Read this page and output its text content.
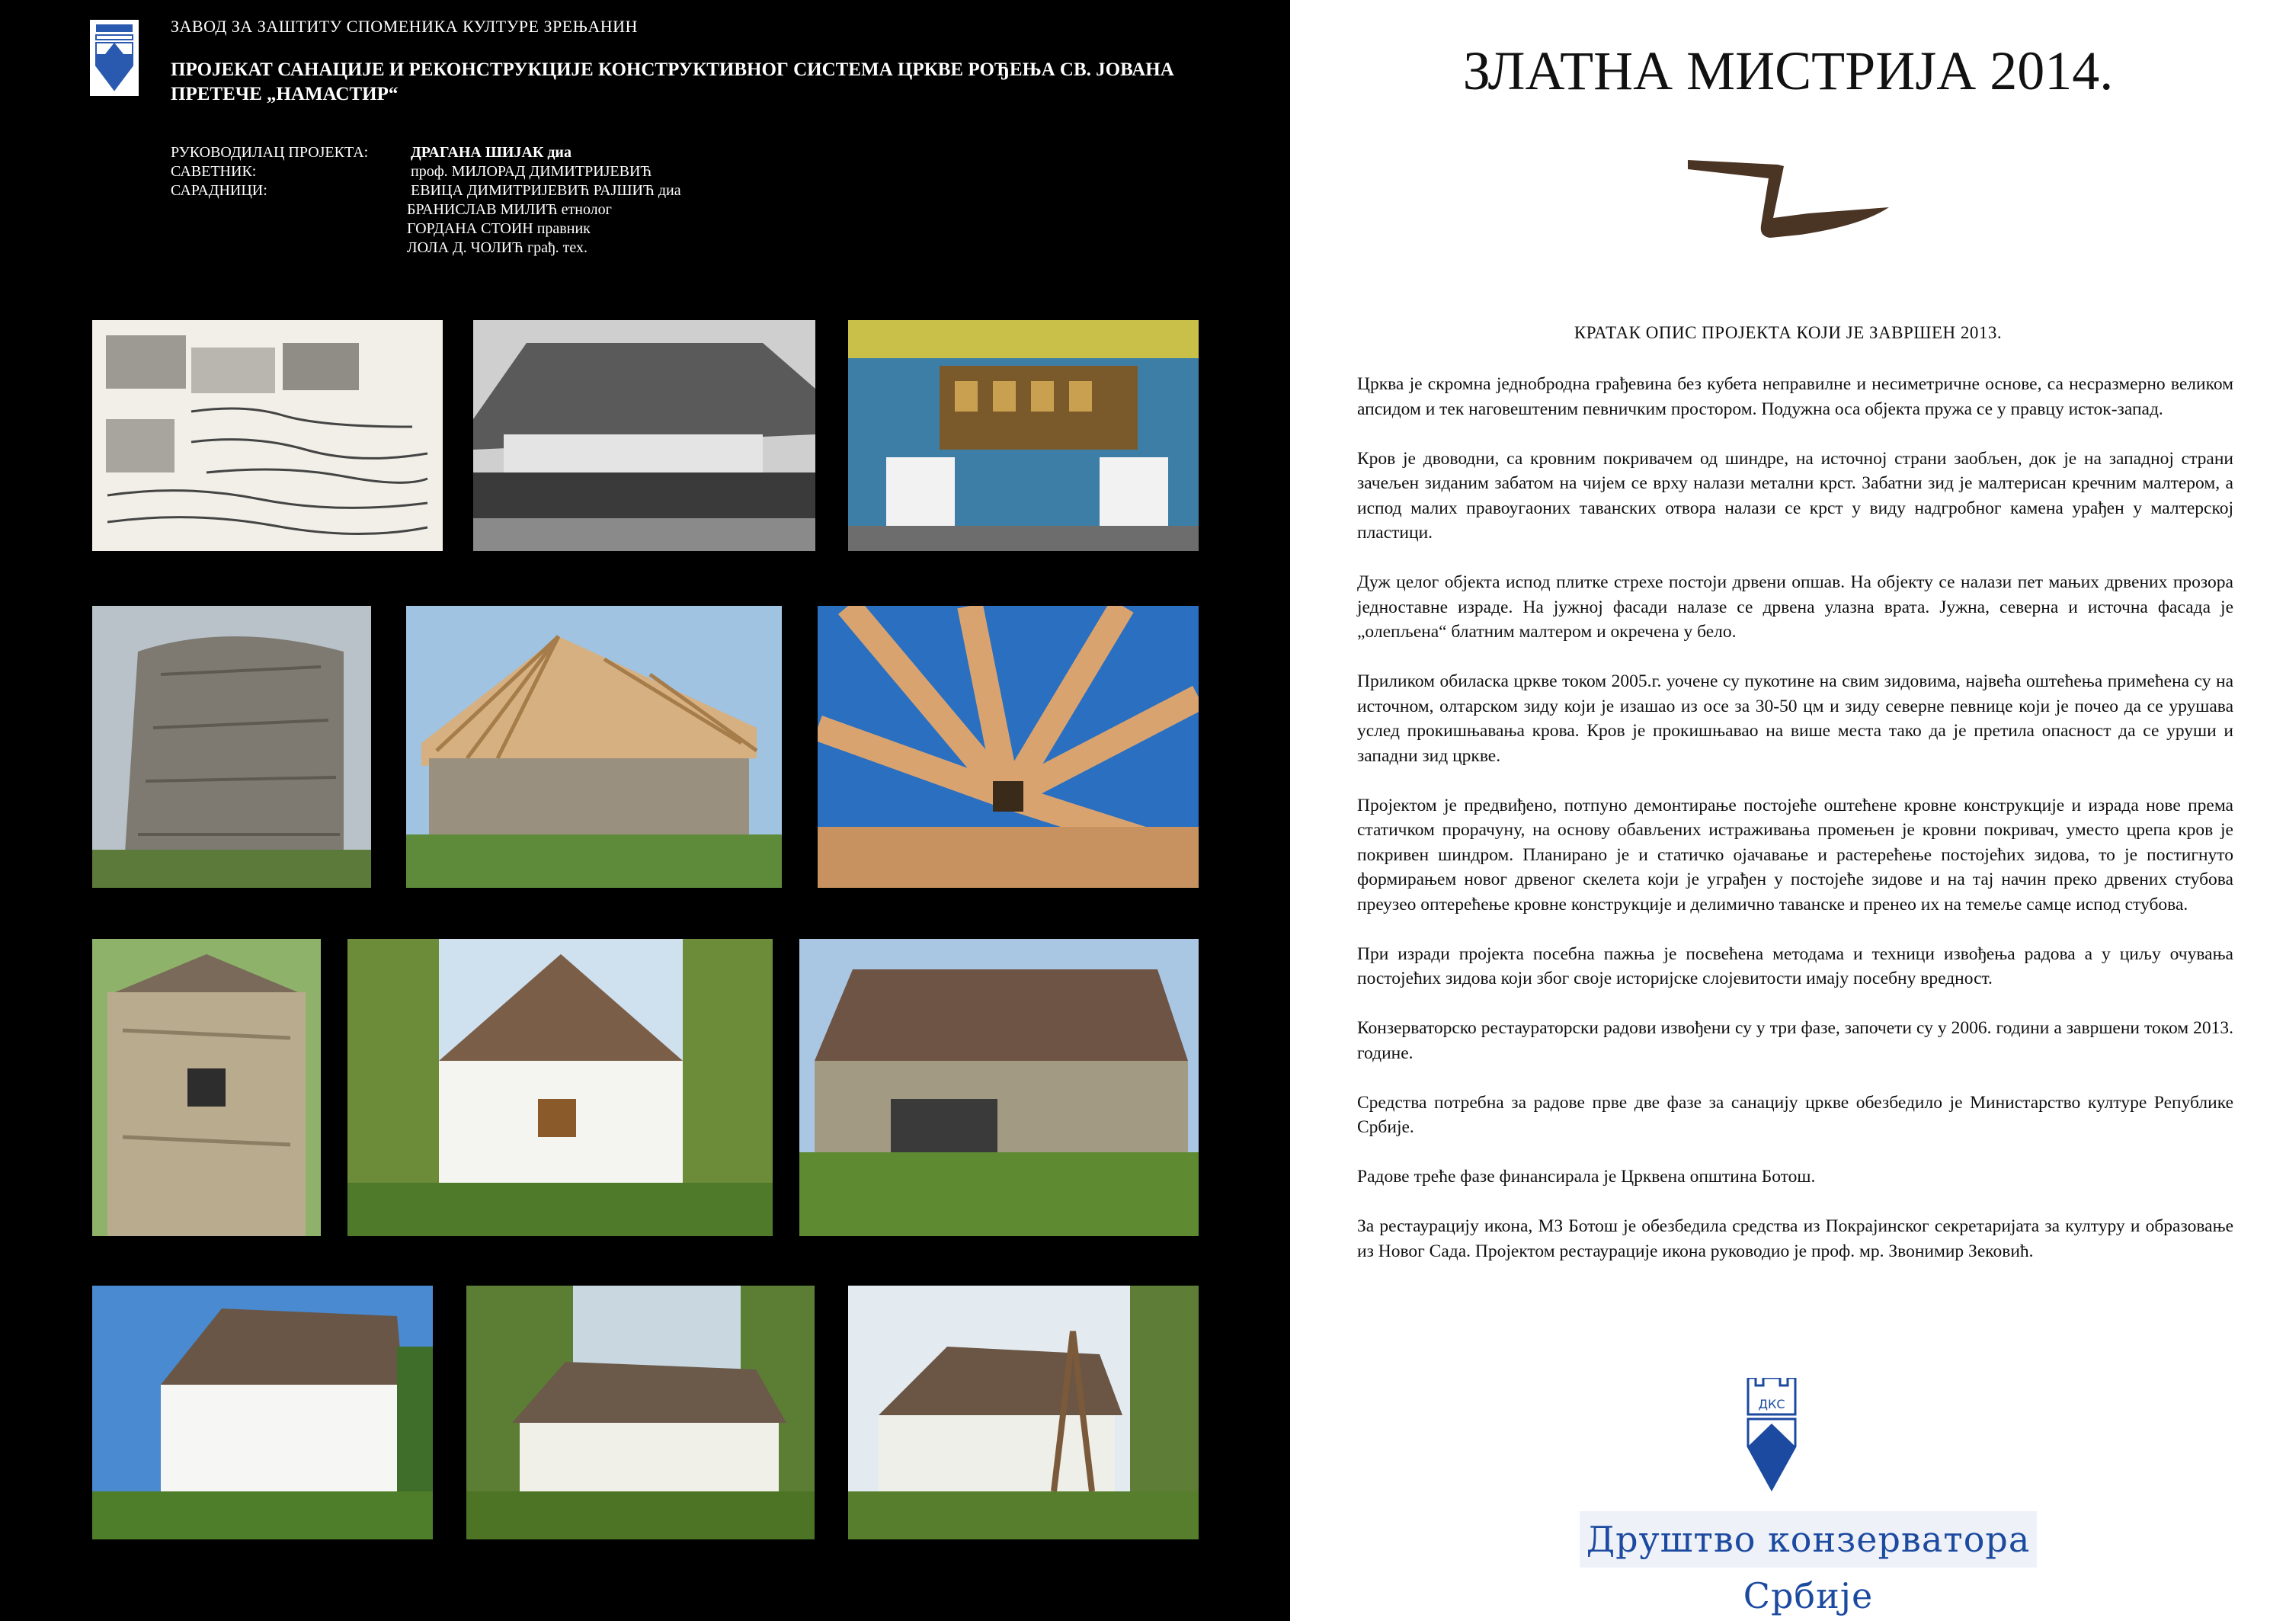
ЗАВОД ЗА ЗАШТИТУ СПОМЕНИКА КУЛТУРЕ ЗРЕЊАНИН
ПРОЈЕКАТ САНАЦИЈЕ И РЕКОНСТРУКЦИЈЕ КОНСТРУКТИВНОГ СИСТЕМА ЦРКВЕ РОЂЕЊА СВ. ЈОВАНА ПРЕТЕЧЕ „НАМАСТИР“
РУКОВОДИЛАЦ ПРОЈЕКТА:	ДРАГАНА ШИЈАК диа
САВЕТНИК:	проф. МИЛОРАД ДИМИТРИЈЕВИЋ
САРАДНИЦИ:	ЕВИЦА ДИМИТРИЈЕВИЋ РАЈШИЋ диа
БРАНИСЛАВ МИЛИЋ етнолог
ГОРДАНА СТОИН правник
ЛОЛА Д. ЧОЛИЋ грађ. тех.
ЗЛАТНА МИСТРИЈА 2014.
КРАТАК ОПИС ПРОЈЕКТА КОЈИ ЈЕ ЗАВРШЕН 2013.

Црква је скромна једнобродна грађевина без кубета неправилне и несиметричне основе, са несразмерно великом апсидом и тек наговештеним певничким простором. Подужна оса објекта пружа се у правцу исток-запад.

Кров је двоводни, са кровним покривачем од шиндре, на источној страни заобљен, док је на западној страни зачељен зиданим забатом на чијем се врху налази метални крст. Забатни зид је малтерисан кречним малтером, а испод малих правоугаоних таванских отвора налази се крст у виду надгробног камена урађен у малтерској пластици.

Дуж целог објекта испод плитке стрехе постоји дрвени опшав. На објекту се налази пет мањих дрвених прозора једноставне израде. На јужној фасади налазе се дрвена улазна врата. Јужна, северна и источна фасада је „олепљена“ блатним малтером и окречена у бело.

Приликом обиласка цркве током 2005.г. уочене су пукотине на свим зидовима, највећа оштећења примећена су на источном, олтарском зиду који је изашао из осе за 30-50 цм и зиду северне певнице који је почео да се урушава услед прокишњавања крова. Кров је прокишњавао на више места тако да је претила опасност да се уруши и западни зид цркве.

Пројектом је предвиђено, потпуно демонтирање постојеће оштећене кровне конструкције и израда нове према статичком прорачуну, на основу обављених истраживања промењен је кровни покривач, уместо црепа кров је покривен шиндром. Планирано је и статичко ојачавање и растерећење постојећих зидова, то је постигнуто формирањем новог дрвеног скелета који је уграђен у постојеће зидове и на тај начин преко дрвених стубова преузео оптерећење кровне конструкције и делимично таванске и пренео их на темеље самце испод стубова.

При изради пројекта посебна пажња је посвећена методама и техници извођења радова а у циљу очувања постојећих зидова који због своје историјске слојевитости имају посебну вредност.

Конзерваторско рестаураторски радови извођени су у три фазе, започети су у 2006. години а завршени током 2013. године.

Средства потребна за радове прве две фазе за санацију цркве обезбедило је Министарство културе Републике Србије.

Радове треће фазе финансирала је Црквена општина Ботош.

За рестаурацију икона, МЗ Ботош је обезбедила средства из Покрајинског секретаријата за културу и образовање из Новог Сада. Пројектом рестаурације икона руководио је проф. мр. Звонимир Зековић.

ДКС
Друштво конзерватора Србије
